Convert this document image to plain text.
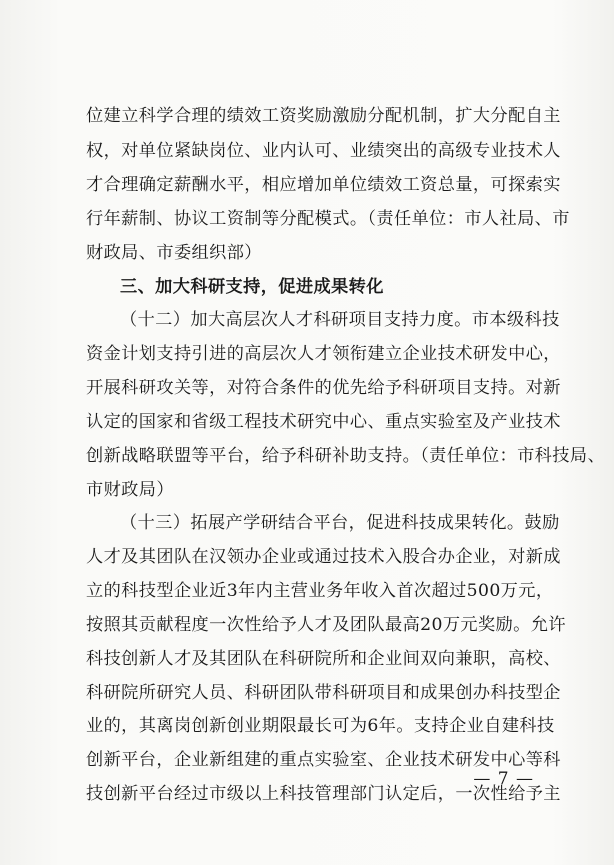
位建立科学合理的绩效工资奖励激励分配机制，扩大分配自主
权，对单位紧缺岗位、业内认可、业绩突出的高级专业技术人
才合理确定薪酬水平，相应增加单位绩效工资总量，可探索实
行年薪制、协议工资制等分配模式。（责任单位：市人社局、市
财政局、市委组织部）
三、加大科研支持，促进成果转化
（十二）加大高层次人才科研项目支持力度。市本级科技
资金计划支持引进的高层次人才领衔建立企业技术研发中心，
开展科研攻关等，对符合条件的优先给予科研项目支持。对新
认定的国家和省级工程技术研究中心、重点实验室及产业技术
创新战略联盟等平台，给予科研补助支持。（责任单位：市科技局、
市财政局）
（十三）拓展产学研结合平台，促进科技成果转化。鼓励
人才及其团队在汉领办企业或通过技术入股合办企业，对新成
立的科技型企业近3年内主营业务年收入首次超过500万元，
按照其贡献程度一次性给予人才及团队最高20万元奖励。允许
科技创新人才及其团队在科研院所和企业间双向兼职，高校、
科研院所研究人员、科研团队带科研项目和成果创办科技型企
业的，其离岗创新创业期限最长可为6年。支持企业自建科技
创新平台，企业新组建的重点实验室、企业技术研发中心等科
技创新平台经过市级以上科技管理部门认定后，一次性给予主
— 7 —
